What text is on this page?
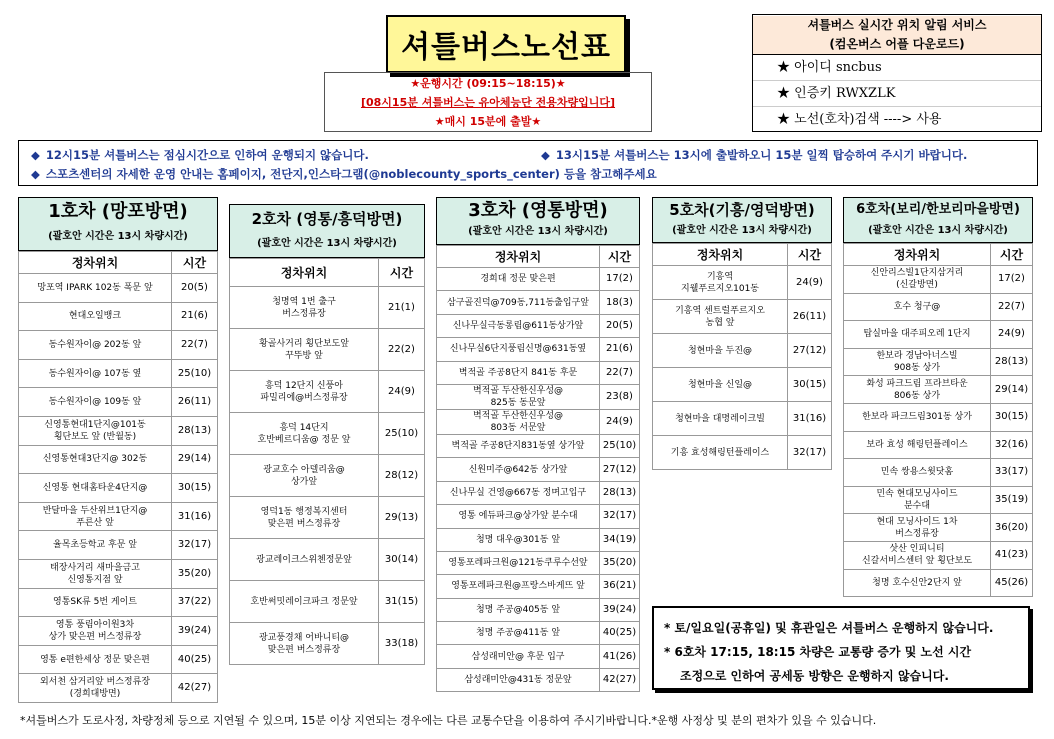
셔틀버스노선표
★운행시간 (09:15~18:15)★
[08시15분 셔틀버스는 유아체능단 전용차량입니다]
★매시 15분에 출발★
셔틀버스 실시간 위치 알림 서비스
(컴온버스 어플 다운로드)
★ 아이디 sncbus
★ 인증키 RWXZLK
★ 노선(호차)검색 ----> 사용
◆ 12시15분 셔틀버스는 점심시간으로 인하여 운행되지 않습니다.	◆ 13시15분 셔틀버스는 13시에 출발하오니 15분 일찍 탑승하여 주시기 바랍니다.
◆ 스포츠센터의 자세한 운영 안내는 홈페이지, 전단지,인스타그램(@noblecounty_sports_center) 등을 참고해주세요
1호차 (망포방면)
(괄호안 시간은 13시 차량시간)
정차위치	시간
망포역 IPARK 102동 폭문 앞	20(5)
현대오일뱅크	21(6)
동수원자이@ 202동 앞	22(7)
동수원자이@ 107동 옆	25(10)
동수원자이@ 109동 앞	26(11)
신영통현대1단지@101동
횡단보도 앞 (반월동)	28(13)
신영통현대3단지@ 302동	29(14)
신영통 현대홈타운4단지@	30(15)
반달마을 두산위브1단지@
푸른산 앞	31(16)
율목초등학교 후문 앞	32(17)
태장사거리 새마을금고
신영통지점 앞	35(20)
영통SK류 5번 게이트	37(22)
영통 풍림아이원3차
상가 맞은편 버스정류장	39(24)
영통 e편한세상 정문 맞은편	40(25)
외서천 삼거리앞 버스정류장
(경희대방면)	42(27)
2호차 (영통/흥덕방면)
(괄호안 시간은 13시 차량시간)
정차위치	시간
청명역 1번 출구
버스정류장	21(1)
황골사거리 횡단보도앞
꾸뚜방 앞	22(2)
흥덕 12단지 신풍아
파밀리에@버스정류장	24(9)
흥덕 14단지
호반베르디움@ 정문 앞	25(10)
광교호수 아델리움@
상가앞	28(12)
영덕1동 행정복지센터
맞은편 버스정류장	29(13)
광교레이크스위첸정문앞	30(14)
호반써밋레이크파크 정문앞	31(15)
광교풍경채 어바니티@
맞은편 버스정류장	33(18)
3호차 (영통방면)
(괄호안 시간은 13시 차량시간)
정차위치	시간
경희대 정문 맞은편	17(2)
삼구골진덕@709동,711동출입구앞	18(3)
신나무실극동롱림@611동상가앞	20(5)
신나무실6단지풍림신명@631동옆	21(6)
벽적골 주공8단지 841동 후문	22(7)
벽적골 두산한신우성@
825동 동문앞	23(8)
벽적골 두산한신우성@
803동 서문앞	24(9)
벽적골 주공8단지831동옆 상가앞	25(10)
신원미주@642동 상가앞	27(12)
신나무실 건영@667동 정며고입구	28(13)
영통 에듀파크@상가앞 분수대	32(17)
청명 대우@301동 앞	34(19)
영통포레파크원@121동쿠루수선앞	35(20)
영통포레파크원@프랑스바게뜨 앞	36(21)
청명 주공@405동 앞	39(24)
청명 주공@411동 앞	40(25)
삼성래미안@ 후문 입구	41(26)
삼성래미안@431동 정문앞	42(27)
5호차(기흥/영덕방면)
(괄호안 시간은 13시 차량시간)
정차위치	시간
기흥역
지웰푸르지오101동	24(9)
기흥역 센트럴푸르지오
농협 앞	26(11)
청현마을 두진@	27(12)
청현마을 신일@	30(15)
청현마을 대명레이크빌	31(16)
기흥 효성해링턴플레이스	32(17)
6호차(보리/한보리마을방면)
(괄호안 시간은 13시 차량시간)
정차위치	시간
신안리스빌1단지삼거리
(신갈방면)	17(2)
호수 청구@	22(7)
탑실마을 대주피오레 1단지	24(9)
한보라 경남아너스빌
908동 상가	28(13)
화성 파크드림 프라브타운
806동 상가	29(14)
한보라 파크드림301동 상가	30(15)
보라 효성 해링턴플레이스	32(16)
민속 쌍용스윗닷홈	33(17)
민속 현대모닝사이드
분수대	35(19)
현대 모닝사이드 1차
버스정류장	36(20)
삿산 인피니티
신갈서비스센터 앞 횡단보도	41(23)
청명 호수신안2단지 앞	45(26)
* 토/일요일(공휴일) 및 휴관일은 셔틀버스 운행하지 않습니다.
* 6호차 17:15, 18:15 차량은 교통량 증가 및 노선 시간
조정으로 인하여 공세동 방향은 운행하지 않습니다.
*셔틀버스가 도로사정, 차량정체 등으로 지연될 수 있으며, 15분 이상 지연되는 경우에는 다른 교통수단을 이용하여 주시기바랍니다.*운행 사정상 및 분의 편차가 있을 수 있습니다.
